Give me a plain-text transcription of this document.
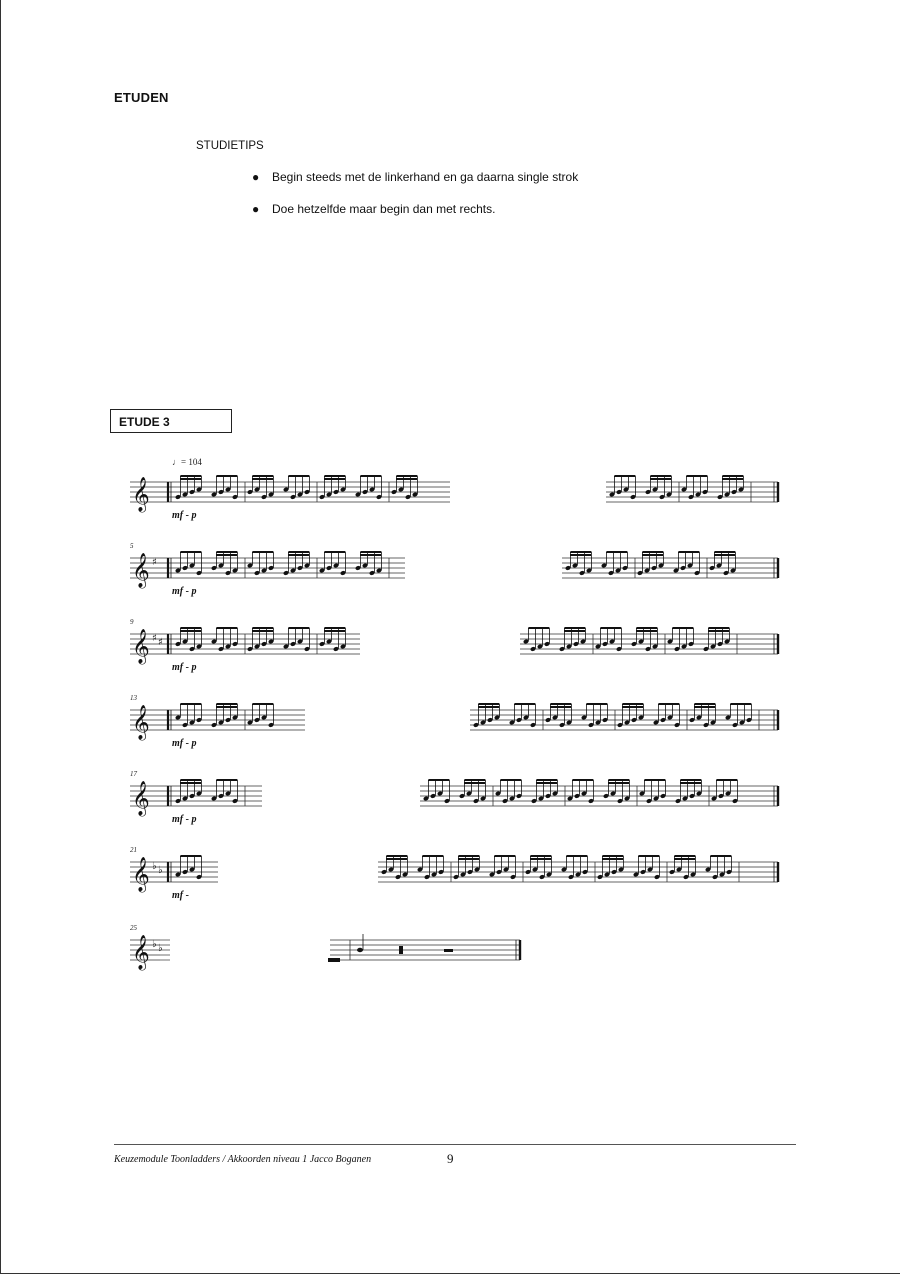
ETUDEN
STUDIETIPS
● Begin steeds met de linkerhand en ga daarna single strok
● Doe hetzelfde maar begin dan met rechts.
ETUDE 3
♩= 104
𝄞
mf - p
𝄞 ♯
5
mf - p
𝄞 ♯ ♯
9
mf - p
𝄞
13
mf - p
𝄞
17
mf - p
𝄞 ♭ ♭
21
mf -
𝄞 ♭ ♭
25
Keuzemodule Toonladders / Akkoorden niveau 1 Jacco Boganen	9
